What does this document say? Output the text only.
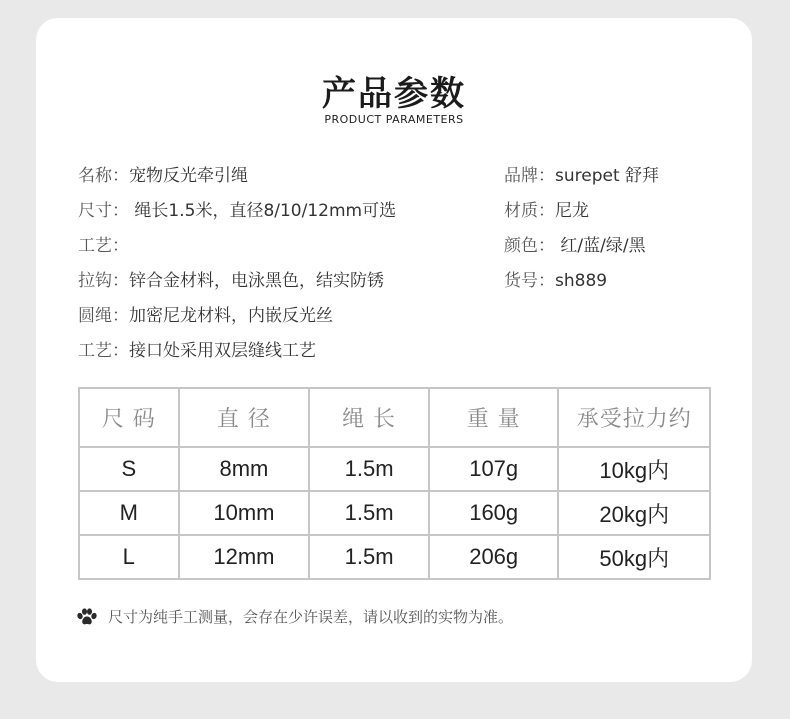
产品参数
PRODUCT PARAMETERS
名称：宠物反光牵引绳
尺寸： 绳长1.5米，直径8/10/12mm可选
工艺：
拉钩：锌合金材料，电泳黑色，结实防锈
圆绳：加密尼龙材料，内嵌反光丝
工艺：接口处采用双层缝线工艺
品牌：surepet 舒拜
材质：尼龙
颜色： 红/蓝/绿/黑
货号：sh889
尺 码	直 径	绳 长	重 量	承受拉力约
S	8mm	1.5m	107g	10kg内
M	10mm	1.5m	160g	20kg内
L	12mm	1.5m	206g	50kg内
尺寸为纯手工测量，会存在少许误差，请以收到的实物为准。
